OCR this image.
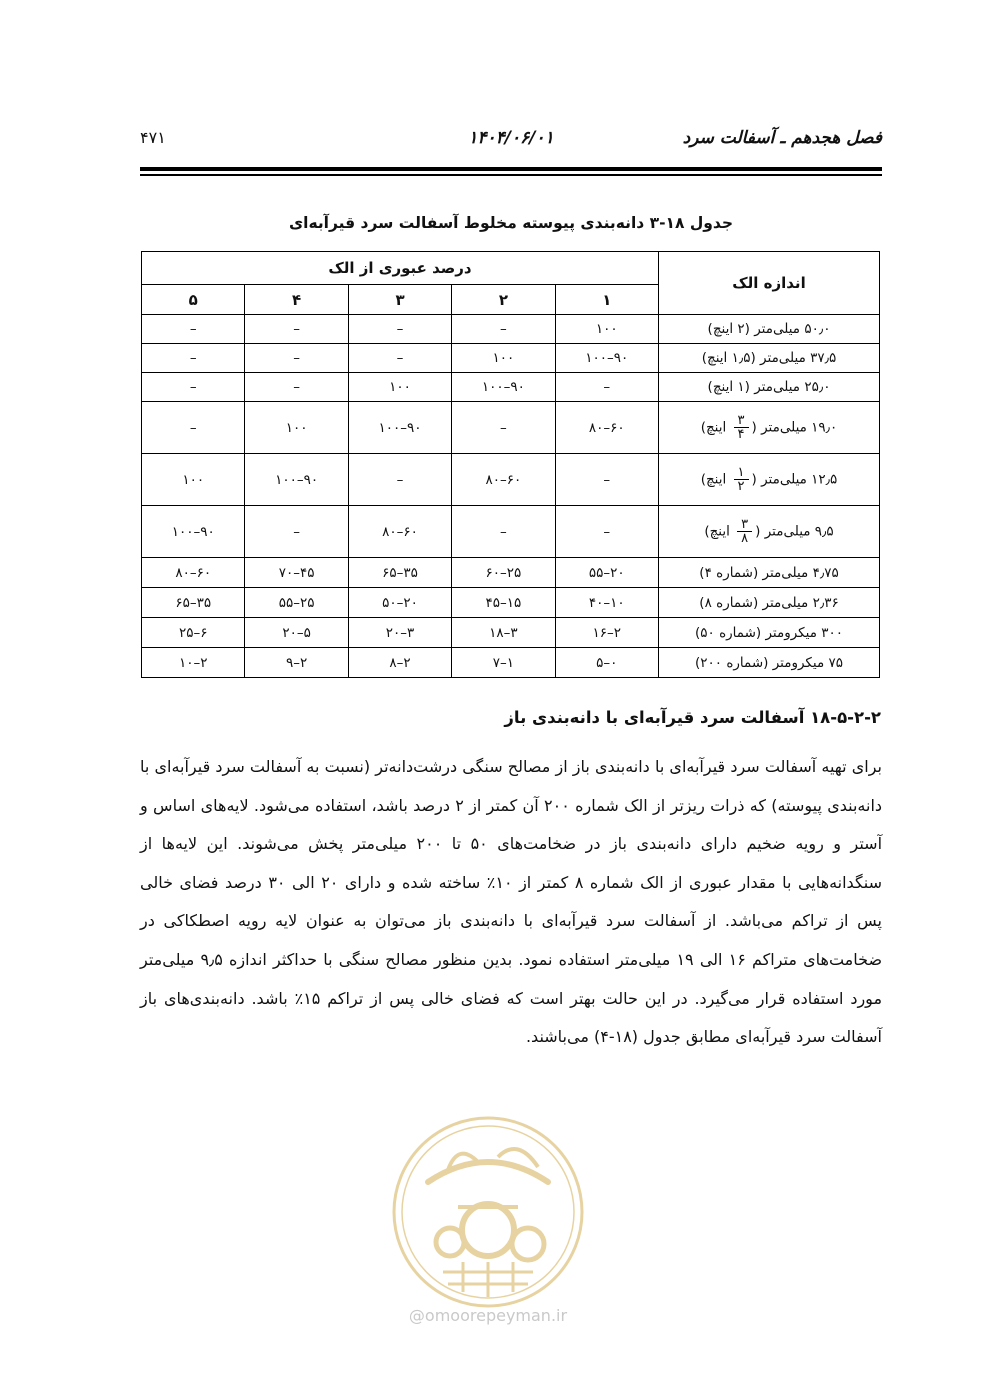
فصل هجدهم ـ آسفالت سرد
۱۴۰۴/۰۶/۰۱
۴۷۱
جدول ۱۸-۳ دانه‌بندی پیوسته مخلوط آسفالت سرد قیرآبه‌ای
اندازه الک	درصد عبوری از الک				
	۱	۲	۳	۴	۵
۵۰٫۰ میلی‌متر (۲ اینچ)	۱۰۰	–	–	–	–
۳۷٫۵ میلی‌متر (۱٫۵ اینچ)	۹۰–۱۰۰	۱۰۰	–	–	–
۲۵٫۰ میلی‌متر (۱ اینچ)	–	۹۰–۱۰۰	۱۰۰	–	–
۱۹٫۰ میلی‌متر (
$\frac{۳}{۴}$
اینچ)	۶۰–۸۰	–	۹۰–۱۰۰	۱۰۰	–
۱۲٫۵ میلی‌متر (
$\frac{۱}{۲}$
اینچ)	–	۶۰–۸۰	–	۹۰–۱۰۰	۱۰۰
۹٫۵ میلی‌متر (
$\frac{۳}{۸}$
اینچ)	–	–	۶۰–۸۰	–	۹۰–۱۰۰
۴٫۷۵ میلی‌متر (شماره ۴)	۲۰–۵۵	۲۵–۶۰	۳۵–۶۵	۴۵–۷۰	۶۰–۸۰
۲٫۳۶ میلی‌متر (شماره ۸)	۱۰–۴۰	۱۵–۴۵	۲۰–۵۰	۲۵–۵۵	۳۵–۶۵
۳۰۰ میکرومتر (شماره ۵۰)	۲–۱۶	۳–۱۸	۳–۲۰	۵–۲۰	۶–۲۵
۷۵ میکرومتر (شماره ۲۰۰)	۰–۵	۱–۷	۲–۸	۲–۹	۲–۱۰
۱۸-۵-۲-۲ آسفالت سرد قیرآبه‌ای با دانه‌بندی باز
برای تهیه آسفالت سرد قیرآبه‌ای با دانه‌بندی باز از مصالح سنگی درشت‌دانه‌تر (نسبت به آسفالت سرد قیرآبه‌ای با دانه‌بندی پیوسته) که ذرات ریزتر از الک شماره ۲۰۰ آن کمتر از ۲ درصد باشد، استفاده می‌شود. لایه‌های اساس و آستر و رویه ضخیم دارای دانه‌بندی باز در ضخامت‌های ۵۰ تا ۲۰۰ میلی‌متر پخش می‌شوند. این لایه‌ها از سنگدانه‌هایی با مقدار عبوری از الک شماره ۸ کمتر از ۱۰٪ ساخته شده و دارای ۲۰ الی ۳۰ درصد فضای خالی پس از تراکم می‌باشد. از آسفالت سرد قیرآبه‌ای با دانه‌بندی باز می‌توان به عنوان لایه رویه اصطکاکی در ضخامت‌های متراکم ۱۶ الی ۱۹ میلی‌متر استفاده نمود. بدین منظور مصالح سنگی با حداکثر اندازه ۹٫۵ میلی‌متر مورد استفاده قرار می‌گیرد. در این حالت بهتر است که فضای خالی پس از تراکم ۱۵٪ باشد. دانه‌بندی‌های باز آسفالت سرد قیرآبه‌ای مطابق جدول (۱۸-۴) می‌باشند.
@omoorepeyman.ir
